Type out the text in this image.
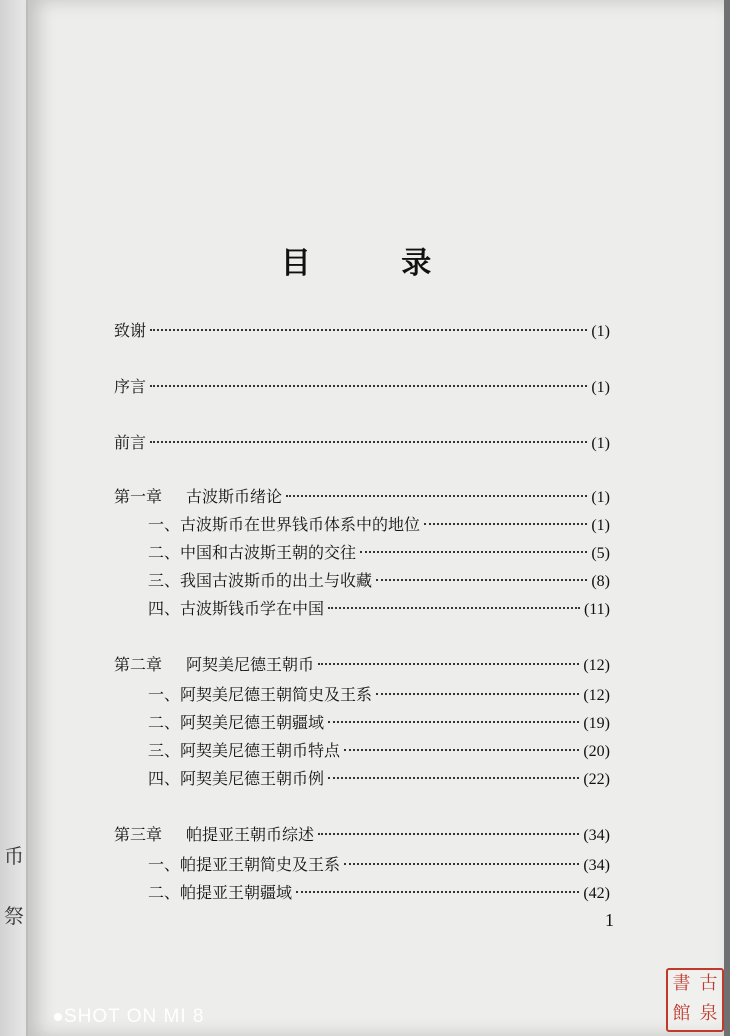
币
祭
目 录
致谢	(1)
序言	(1)
前言	(1)
第一章 古波斯币绪论	(1)
一、古波斯币在世界钱币体系中的地位	(1)
二、中国和古波斯王朝的交往	(5)
三、我国古波斯币的出土与收藏	(8)
四、古波斯钱币学在中国	(11)
第二章 阿契美尼德王朝币	(12)
一、阿契美尼德王朝简史及王系	(12)
二、阿契美尼德王朝疆域	(19)
三、阿契美尼德王朝币特点	(20)
四、阿契美尼德王朝币例	(22)
第三章 帕提亚王朝币综述	(34)
一、帕提亚王朝简史及王系	(34)
二、帕提亚王朝疆域	(42)
1
書 古
館 泉
SHOT ON MI 8
